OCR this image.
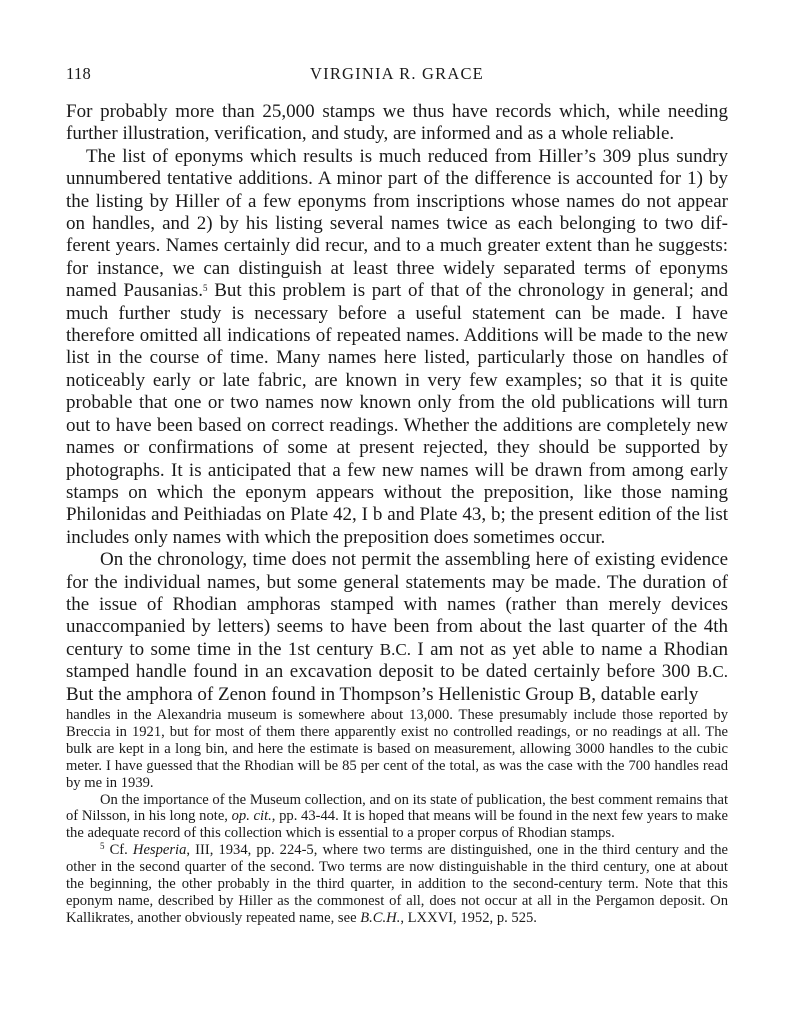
118	VIRGINIA R. GRACE

For probably more than 25,000 stamps we thus have records which, while needing further illustration, verification, and study, are informed and as a whole reliable.

The list of eponyms which results is much reduced from Hiller’s 309 plus sundry unnumbered tentative additions. A minor part of the difference is accounted for 1) by the listing by Hiller of a few eponyms from inscriptions whose names do not appear on handles, and 2) by his listing several names twice as each belonging to two different years. Names certainly did recur, and to a much greater extent than he suggests: for instance, we can distinguish at least three widely separated terms of eponyms named Pausanias.$^5$ But this problem is part of that of the chronology in general; and much further study is necessary before a useful statement can be made. I have therefore omitted all indications of repeated names. Additions will be made to the new list in the course of time. Many names here listed, particularly those on handles of noticeably early or late fabric, are known in very few examples; so that it is quite probable that one or two names now known only from the old publications will turn out to have been based on correct readings. Whether the additions are completely new names or confirmations of some at present rejected, they should be supported by photographs. It is anticipated that a few new names will be drawn from among early stamps on which the eponym appears without the preposition, like those naming Philonidas and Peithiadas on Plate 42, I b and Plate 43, b; the present edition of the list includes only names with which the preposition does sometimes occur.

On the chronology, time does not permit the assembling here of existing evidence for the individual names, but some general statements may be made. The duration of the issue of Rhodian amphoras stamped with names (rather than merely devices unaccompanied by letters) seems to have been from about the last quarter of the 4th century to some time in the 1st century B.C. I am not as yet able to name a Rhodian stamped handle found in an excavation deposit to be dated certainly before 300 B.C. But the amphora of Zenon found in Thompson’s Hellenistic Group B, datable early

handles in the Alexandria museum is somewhere about 13,000. These presumably include those reported by Breccia in 1921, but for most of them there apparently exist no controlled readings, or no readings at all. The bulk are kept in a long bin, and here the estimate is based on measurement, allowing 3000 handles to the cubic meter. I have guessed that the Rhodian will be 85 per cent of the total, as was the case with the 700 handles read by me in 1939.

On the importance of the Museum collection, and on its state of publication, the best comment remains that of Nilsson, in his long note, op. cit., pp. 43-44. It is hoped that means will be found in the next few years to make the adequate record of this collection which is essential to a proper corpus of Rhodian stamps.

$^5$ Cf. Hesperia, III, 1934, pp. 224-5, where two terms are distinguished, one in the third century and the other in the second quarter of the second. Two terms are now distinguishable in the third century, one at about the beginning, the other probably in the third quarter, in addition to the second-century term. Note that this eponym name, described by Hiller as the commonest of all, does not occur at all in the Pergamon deposit. On Kallikrates, another obviously repeated name, see B.C.H., LXXVI, 1952, p. 525.
